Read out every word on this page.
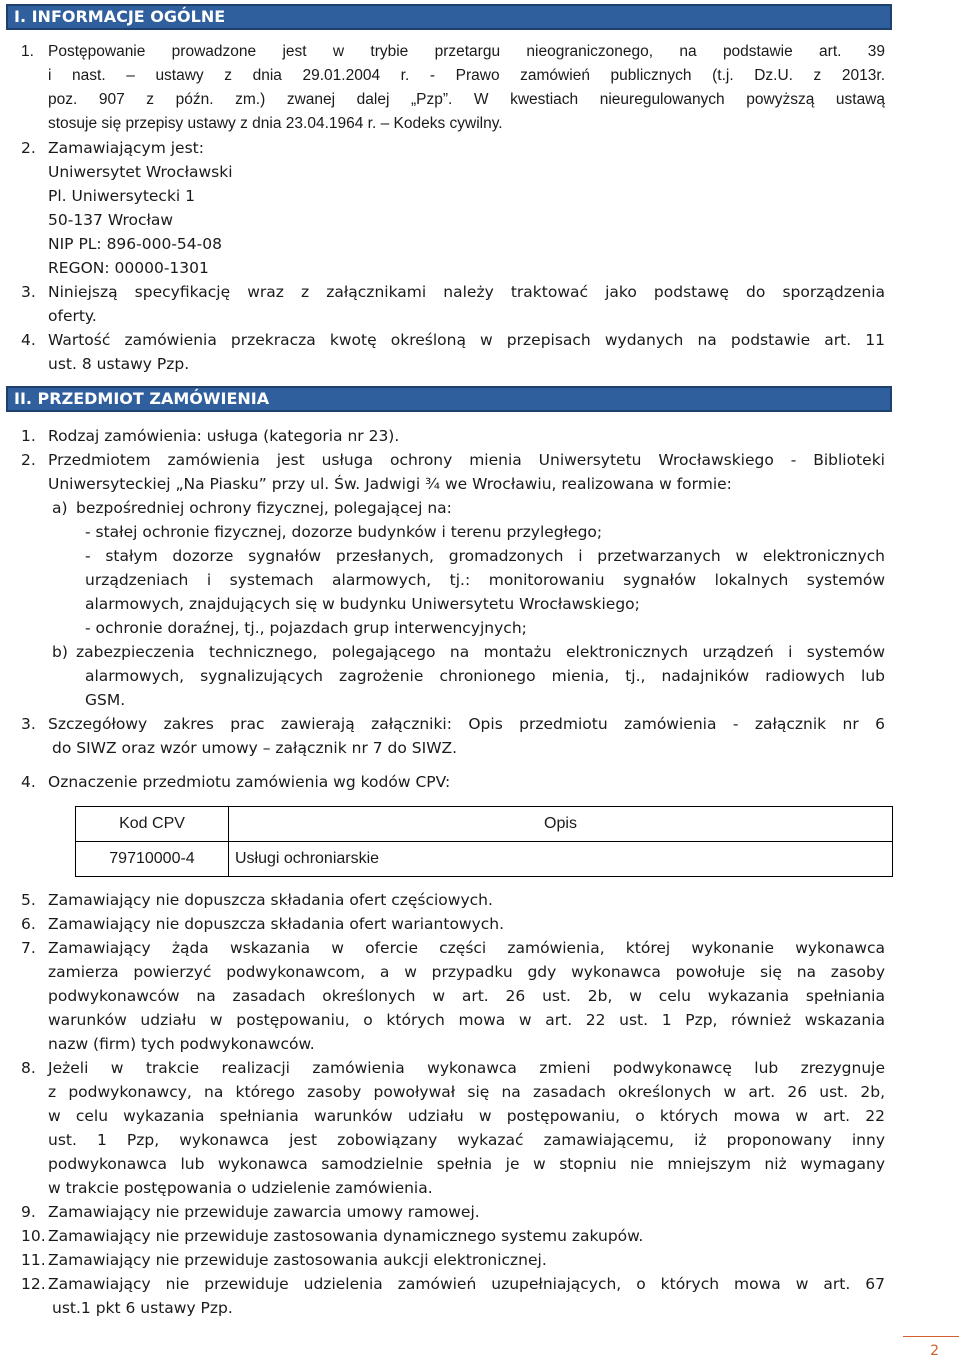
I. INFORMACJE OGÓLNE
1. Postępowanie prowadzone jest w trybie przetargu nieograniczonego, na podstawie art. 39
i nast. – ustawy z dnia 29.01.2004 r. - Prawo zamówień publicznych (t.j. Dz.U. z 2013r.
poz. 907 z późn. zm.) zwanej dalej „Pzp”. W kwestiach nieuregulowanych powyższą ustawą
stosuje się przepisy ustawy z dnia 23.04.1964 r. – Kodeks cywilny.
2. Zamawiającym jest:
Uniwersytet Wrocławski
Pl. Uniwersytecki 1
50-137 Wrocław
NIP PL: 896-000-54-08
REGON: 00000-1301
3. Niniejszą specyfikację wraz z załącznikami należy traktować jako podstawę do sporządzenia
oferty.
4. Wartość zamówienia przekracza kwotę określoną w przepisach wydanych na podstawie art. 11
ust. 8 ustawy Pzp.
II. PRZEDMIOT ZAMÓWIENIA
1. Rodzaj zamówienia: usługa (kategoria nr 23).
2. Przedmiotem zamówienia jest usługa ochrony mienia Uniwersytetu Wrocławskiego - Biblioteki
Uniwersyteckiej „Na Piasku” przy ul. Św. Jadwigi ¾ we Wrocławiu, realizowana w formie:
a) bezpośredniej ochrony fizycznej, polegającej na:
- stałej ochronie fizycznej, dozorze budynków i terenu przyległego;
- stałym dozorze sygnałów przesłanych, gromadzonych i przetwarzanych w elektronicznych
urządzeniach i systemach alarmowych, tj.: monitorowaniu sygnałów lokalnych systemów
alarmowych, znajdujących się w budynku Uniwersytetu Wrocławskiego;
- ochronie doraźnej, tj., pojazdach grup interwencyjnych;
b) zabezpieczenia technicznego, polegającego na montażu elektronicznych urządzeń i systemów
alarmowych, sygnalizujących zagrożenie chronionego mienia, tj., nadajników radiowych lub
GSM.
3. Szczegółowy zakres prac zawierają załączniki: Opis przedmiotu zamówienia - załącznik nr 6
do SIWZ oraz wzór umowy – załącznik nr 7 do SIWZ.
4. Oznaczenie przedmiotu zamówienia wg kodów CPV:
Kod CPV	Opis
79710000-4	Usługi ochroniarskie
5. Zamawiający nie dopuszcza składania ofert częściowych.
6. Zamawiający nie dopuszcza składania ofert wariantowych.
7. Zamawiający żąda wskazania w ofercie części zamówienia, której wykonanie wykonawca
zamierza powierzyć podwykonawcom, a w przypadku gdy wykonawca powołuje się na zasoby
podwykonawców na zasadach określonych w art. 26 ust. 2b, w celu wykazania spełniania
warunków udziału w postępowaniu, o których mowa w art. 22 ust. 1 Pzp, również wskazania
nazw (firm) tych podwykonawców.
8. Jeżeli w trakcie realizacji zamówienia wykonawca zmieni podwykonawcę lub zrezygnuje
z podwykonawcy, na którego zasoby powoływał się na zasadach określonych w art. 26 ust. 2b,
w celu wykazania spełniania warunków udziału w postępowaniu, o których mowa w art. 22
ust. 1 Pzp, wykonawca jest zobowiązany wykazać zamawiającemu, iż proponowany inny
podwykonawca lub wykonawca samodzielnie spełnia je w stopniu nie mniejszym niż wymagany
w trakcie postępowania o udzielenie zamówienia.
9. Zamawiający nie przewiduje zawarcia umowy ramowej.
10. Zamawiający nie przewiduje zastosowania dynamicznego systemu zakupów.
11. Zamawiający nie przewiduje zastosowania aukcji elektronicznej.
12. Zamawiający nie przewiduje udzielenia zamówień uzupełniających, o których mowa w art. 67
ust.1 pkt 6 ustawy Pzp.
2
